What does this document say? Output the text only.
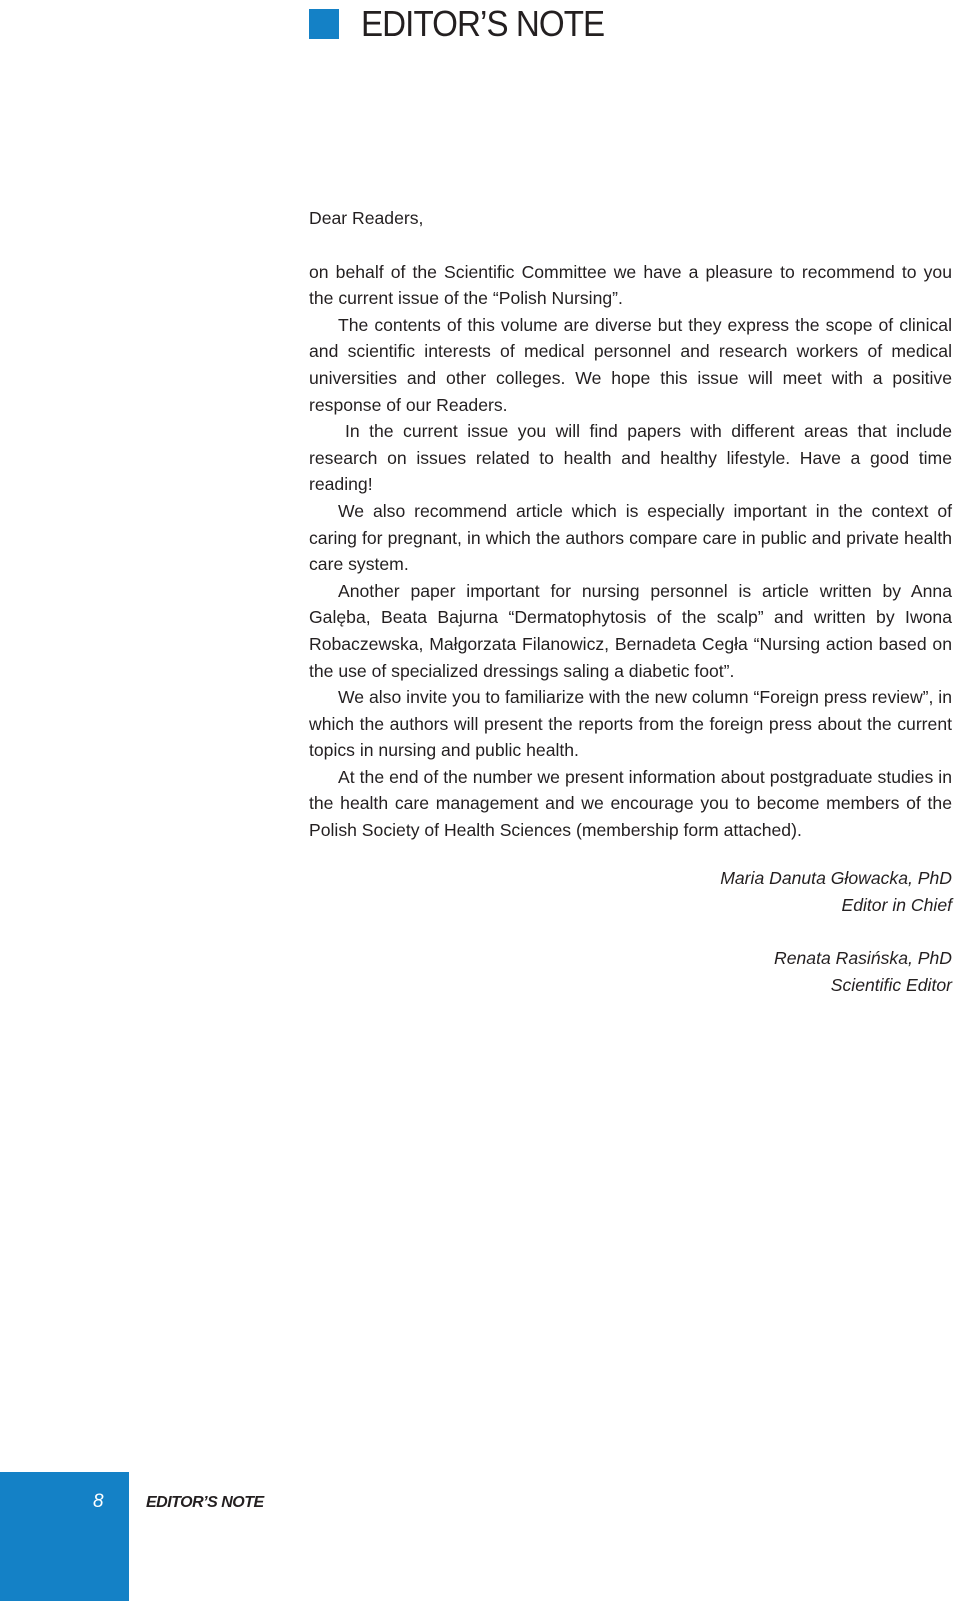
EDITOR’S NOTE

Dear Readers,

on behalf of the Scientific Committee we have a pleasure to recommend to you the current issue of the “Polish Nursing”.

The contents of this volume are diverse but they express the scope of clinical and scientific interests of medical personnel and research workers of medical universities and other colleges. We hope this issue will meet with a positive response of our Readers.

In the current issue you will find papers with different areas that include research on issues related to health and healthy lifestyle. Have a good time reading!

We also recommend article which is especially important in the context of caring for pregnant, in which the authors compare care in public and private health care system.

Another paper important for nursing personnel is article written by Anna Galęba, Beata Bajurna “Dermatophytosis of the scalp” and written by Iwona Robaczewska, Małgorzata Filanowicz, Bernadeta Cegła “Nursing action based on the use of specialized dressings saling a diabetic foot”.

We also invite you to familiarize with the new column “Foreign press review”, in which the authors will present the reports from the foreign press about the current topics in nursing and public health.

At the end of the number we present information about postgraduate studies in the health care management and we encourage you to become members of the Polish Society of Health Sciences (membership form attached).

Maria Danuta Głowacka, PhD
Editor in Chief
Renata Rasińska, PhD
Scientific Editor
8	EDITOR’S NOTE
